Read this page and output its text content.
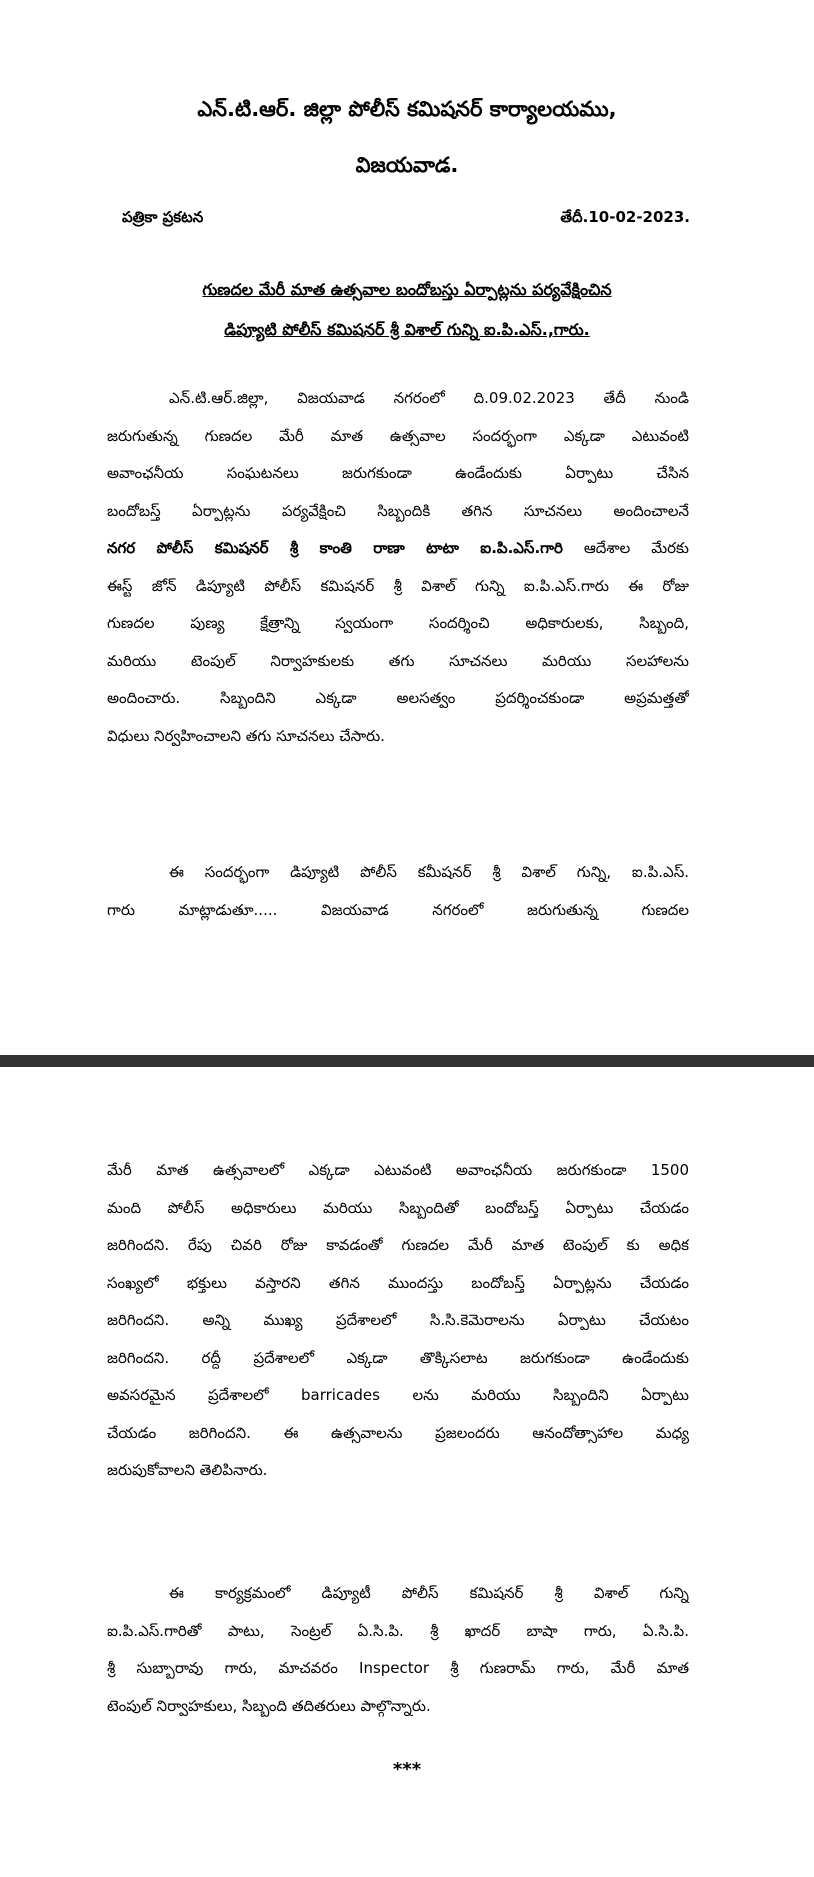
ఎన్.టి.ఆర్. జిల్లా పోలీస్ కమిషనర్ కార్యాలయము,
విజయవాడ.
పత్రికా ప్రకటన	తేదీ.10-02-2023.
గుణదల మేరీ మాత ఉత్సవాల బందోబస్తు ఏర్పాట్లను పర్యవేక్షించిన
డిప్యూటి పోలీస్ కమిషనర్ శ్రీ విశాల్ గున్ని ఐ.పి.ఎస్.,గారు.
ఎన్.టి.ఆర్.జిల్లా, విజయవాడ నగరంలో ది.09.02.2023 తేదీ నుండి
జరుగుతున్న గుణదల మేరీ మాత ఉత్సవాల సందర్భంగా ఎక్కడా ఎటువంటి
అవాంఛనీయ సంఘటనలు జరుగకుండా ఉండేందుకు ఏర్పాటు చేసిన
బందోబస్త్ ఏర్పాట్లను పర్యవేక్షించి సిబ్బందికి తగిన సూచనలు అందించాలనే
నగర పోలీస్ కమిషనర్ శ్రీ కాంతి రాణా టాటా ఐ.పి.ఎస్.గారి ఆదేశాల మేరకు
ఈస్ట్ జోన్ డిప్యూటి పోలీస్ కమిషనర్ శ్రీ విశాల్ గున్ని ఐ.పి.ఎస్.గారు ఈ రోజు
గుణదల పుణ్య క్షేత్రాన్ని స్వయంగా సందర్శించి అధికారులకు, సిబ్బంది,
మరియు టెంపుల్ నిర్వాహకులకు తగు సూచనలు మరియు సలహాలను
అందించారు. సిబ్బందిని ఎక్కడా అలసత్వం ప్రదర్శించకుండా అప్రమత్తతో
విధులు నిర్వహించాలని తగు సూచనలు చేసారు.
ఈ సందర్భంగా డిప్యూటి పోలీస్ కమీషనర్ శ్రీ విశాల్ గున్ని, ఐ.పి.ఎస్.
గారు మాట్లాడుతూ..... విజయవాడ నగరంలో జరుగుతున్న గుణదల
మేరీ మాత ఉత్సవాలలో ఎక్కడా ఎటువంటి అవాంఛనీయ జరుగకుండా 1500
మంది పోలీస్ అధికారులు మరియు సిబ్బందితో బందోబస్త్ ఏర్పాటు చేయడం
జరిగిందని. రేపు చివరి రోజు కావడంతో గుణదల మేరీ మాత టెంపుల్ కు అధిక
సంఖ్యలో భక్తులు వస్తారని తగిన ముందస్తు బందోబస్త్ ఏర్పాట్లను చేయడం
జరిగిందని. అన్ని ముఖ్య ప్రదేశాలలో సి.సి.కెమెరాలను ఏర్పాటు చేయటం
జరిగిందని. రద్దీ ప్రదేశాలలో ఎక్కడా తొక్కిసలాట జరుగకుండా ఉండేందుకు
అవసరమైన ప్రదేశాలలో barricades లను మరియు సిబ్బందిని ఏర్పాటు
చేయడం జరిగిందని. ఈ ఉత్సవాలను ప్రజలందరు ఆనందోత్సాహాల మధ్య
జరుపుకోవాలని తెలిపినారు.
ఈ కార్యక్రమంలో డిప్యూటీ పోలీస్ కమిషనర్ శ్రీ విశాల్ గున్ని
ఐ.పి.ఎస్.గారితో పాటు, సెంట్రల్ ఏ.సి.పి. శ్రీ ఖాదర్ బాషా గారు, ఏ.సి.పి.
శ్రీ సుబ్బారావు గారు, మాచవరం Inspector శ్రీ గుణరామ్ గారు, మేరీ మాత
టెంపుల్ నిర్వాహకులు, సిబ్బంది తదితరులు పాల్గొన్నారు.
***
